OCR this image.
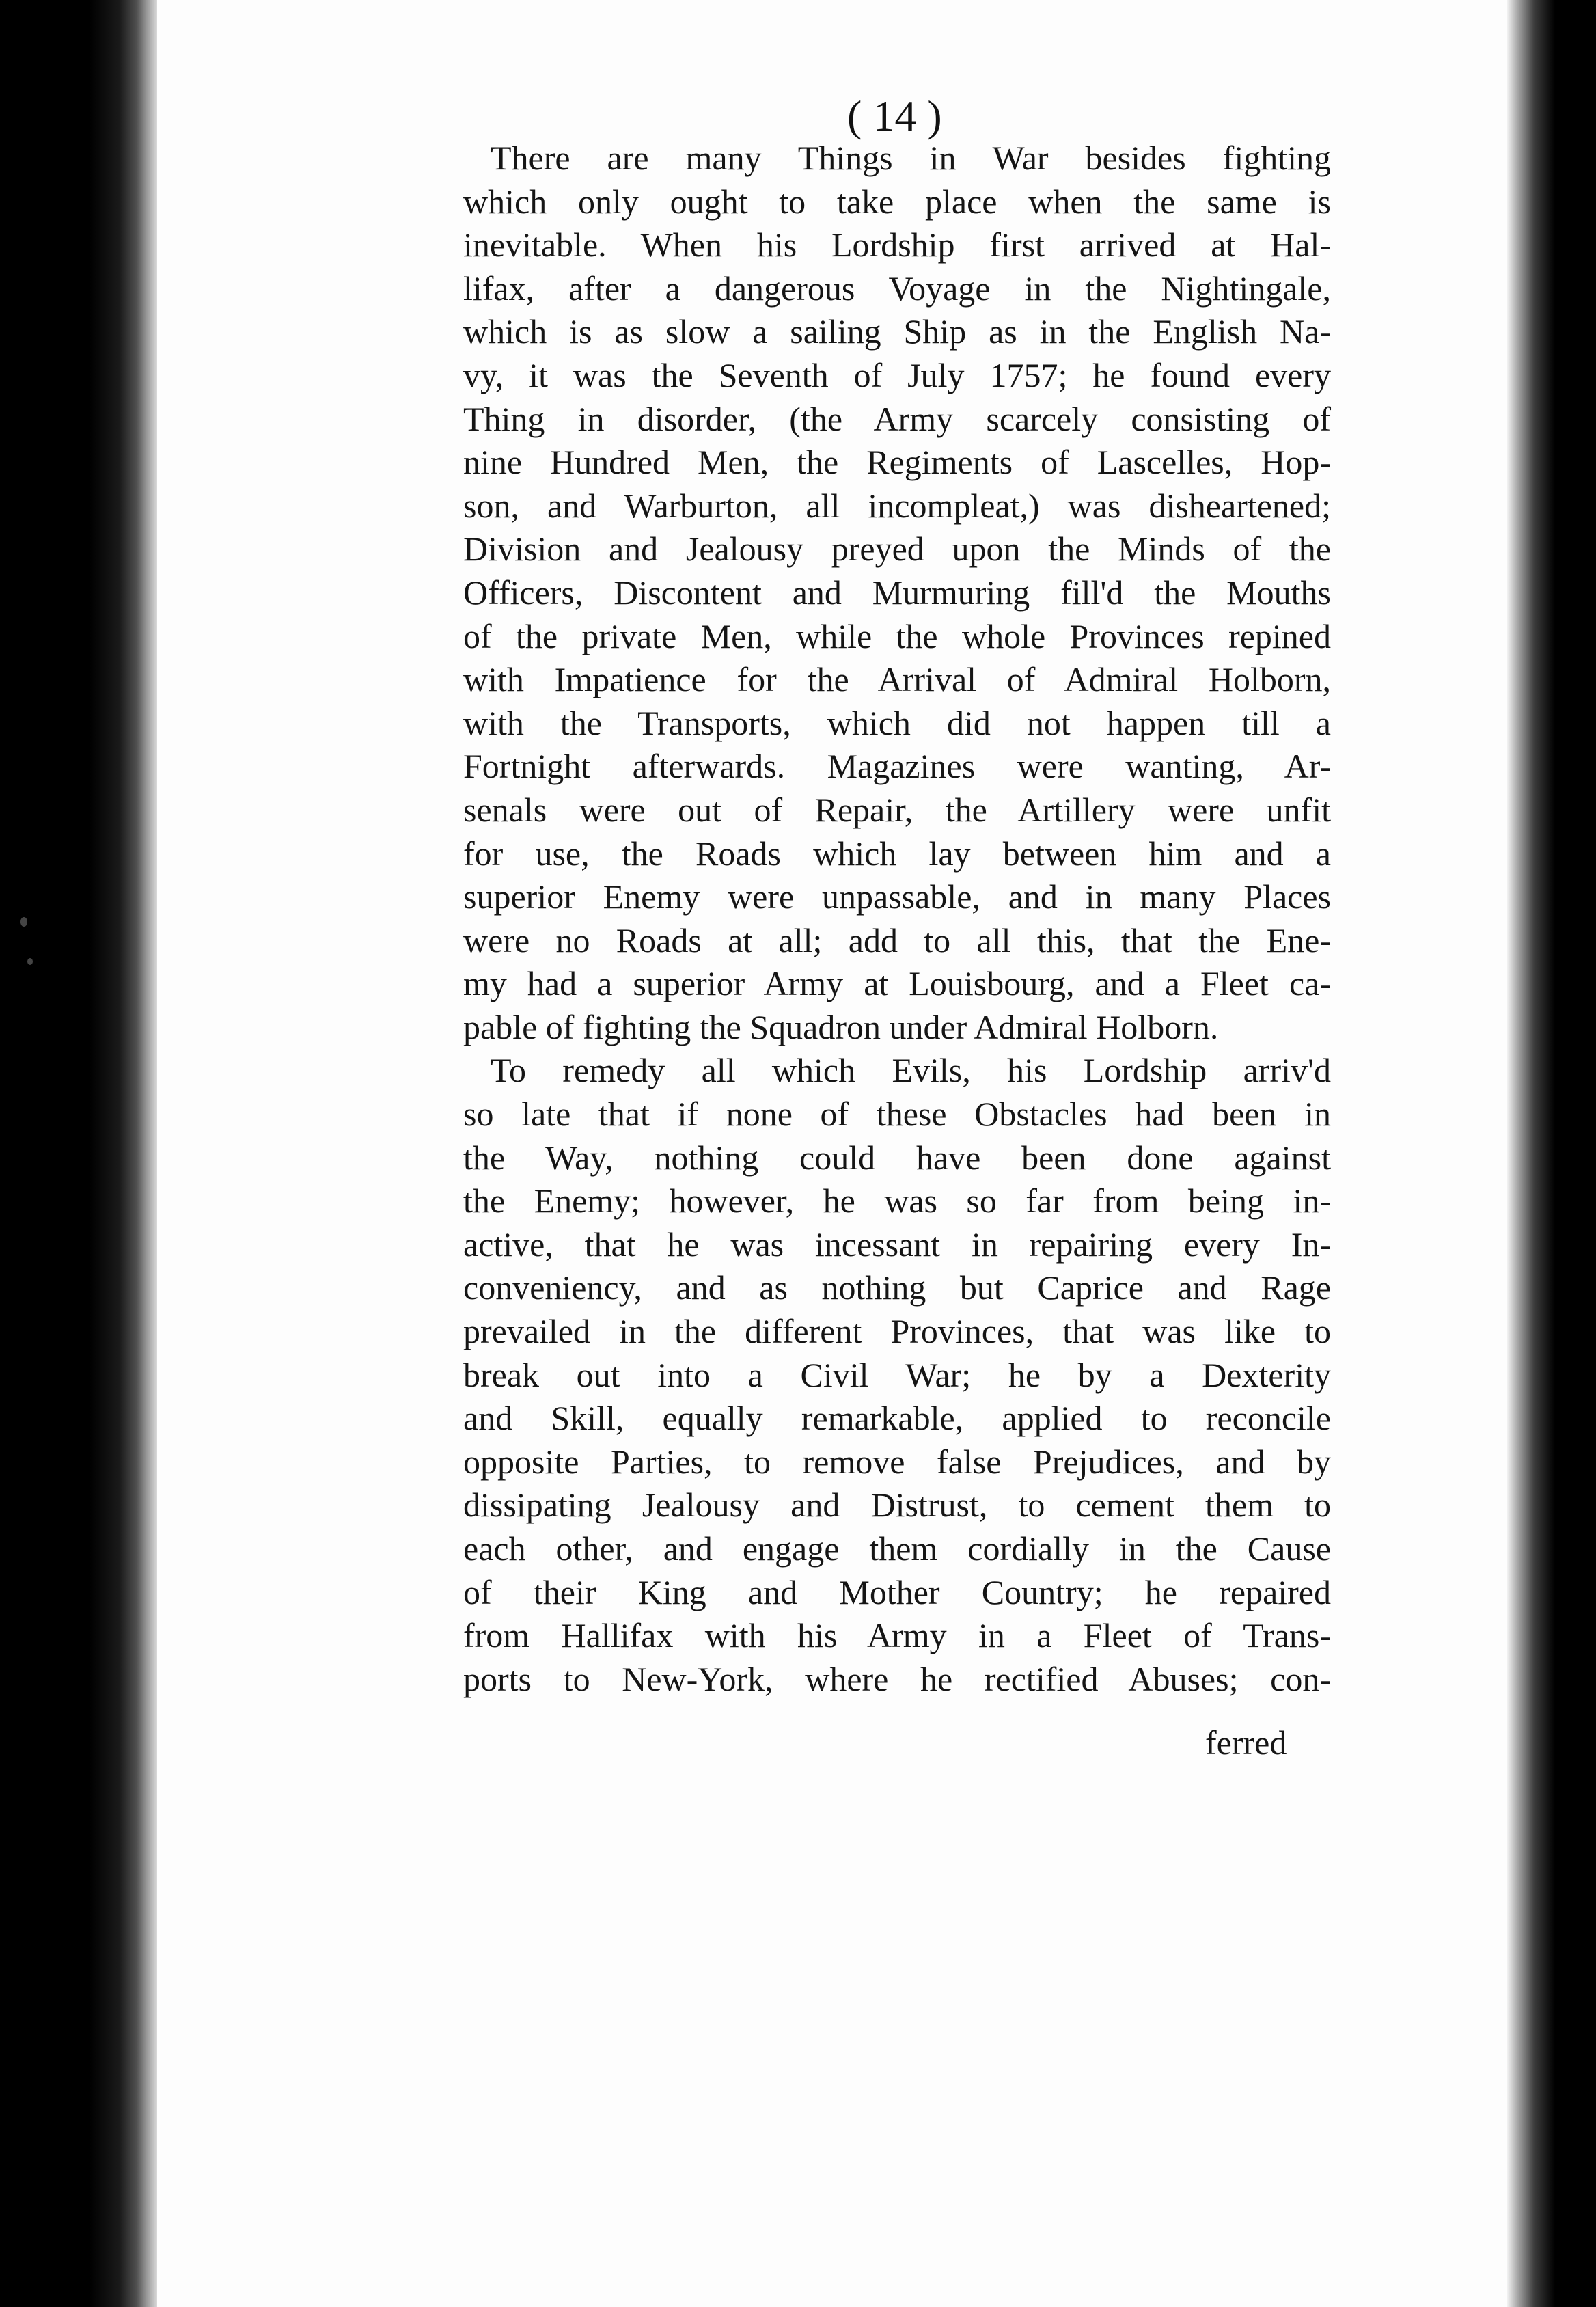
( 14 )
There are many Things in War besides fighting
which only ought to take place when the same is
inevitable. When his Lordship first arrived at Hal-
lifax, after a dangerous Voyage in the Nightingale,
which is as slow a sailing Ship as in the English Na-
vy, it was the Seventh of July 1757; he found every
Thing in disorder, (the Army scarcely consisting of
nine Hundred Men, the Regiments of Lascelles, Hop-
son, and Warburton, all incompleat,) was disheartened;
Division and Jealousy preyed upon the Minds of the
Officers, Discontent and Murmuring fill'd the Mouths
of the private Men, while the whole Provinces repined
with Impatience for the Arrival of Admiral Holborn,
with the Transports, which did not happen till a
Fortnight afterwards. Magazines were wanting, Ar-
senals were out of Repair, the Artillery were unfit
for use, the Roads which lay between him and a
superior Enemy were unpassable, and in many Places
were no Roads at all; add to all this, that the Ene-
my had a superior Army at Louisbourg, and a Fleet ca-
pable of fighting the Squadron under Admiral Holborn.
To remedy all which Evils, his Lordship arriv'd
so late that if none of these Obstacles had been in
the Way, nothing could have been done against
the Enemy; however, he was so far from being in-
active, that he was incessant in repairing every In-
conveniency, and as nothing but Caprice and Rage
prevailed in the different Provinces, that was like to
break out into a Civil War; he by a Dexterity
and Skill, equally remarkable, applied to reconcile
opposite Parties, to remove false Prejudices, and by
dissipating Jealousy and Distrust, to cement them to
each other, and engage them cordially in the Cause
of their King and Mother Country; he repaired
from Hallifax with his Army in a Fleet of Trans-
ports to New-York, where he rectified Abuses; con-
ferred
